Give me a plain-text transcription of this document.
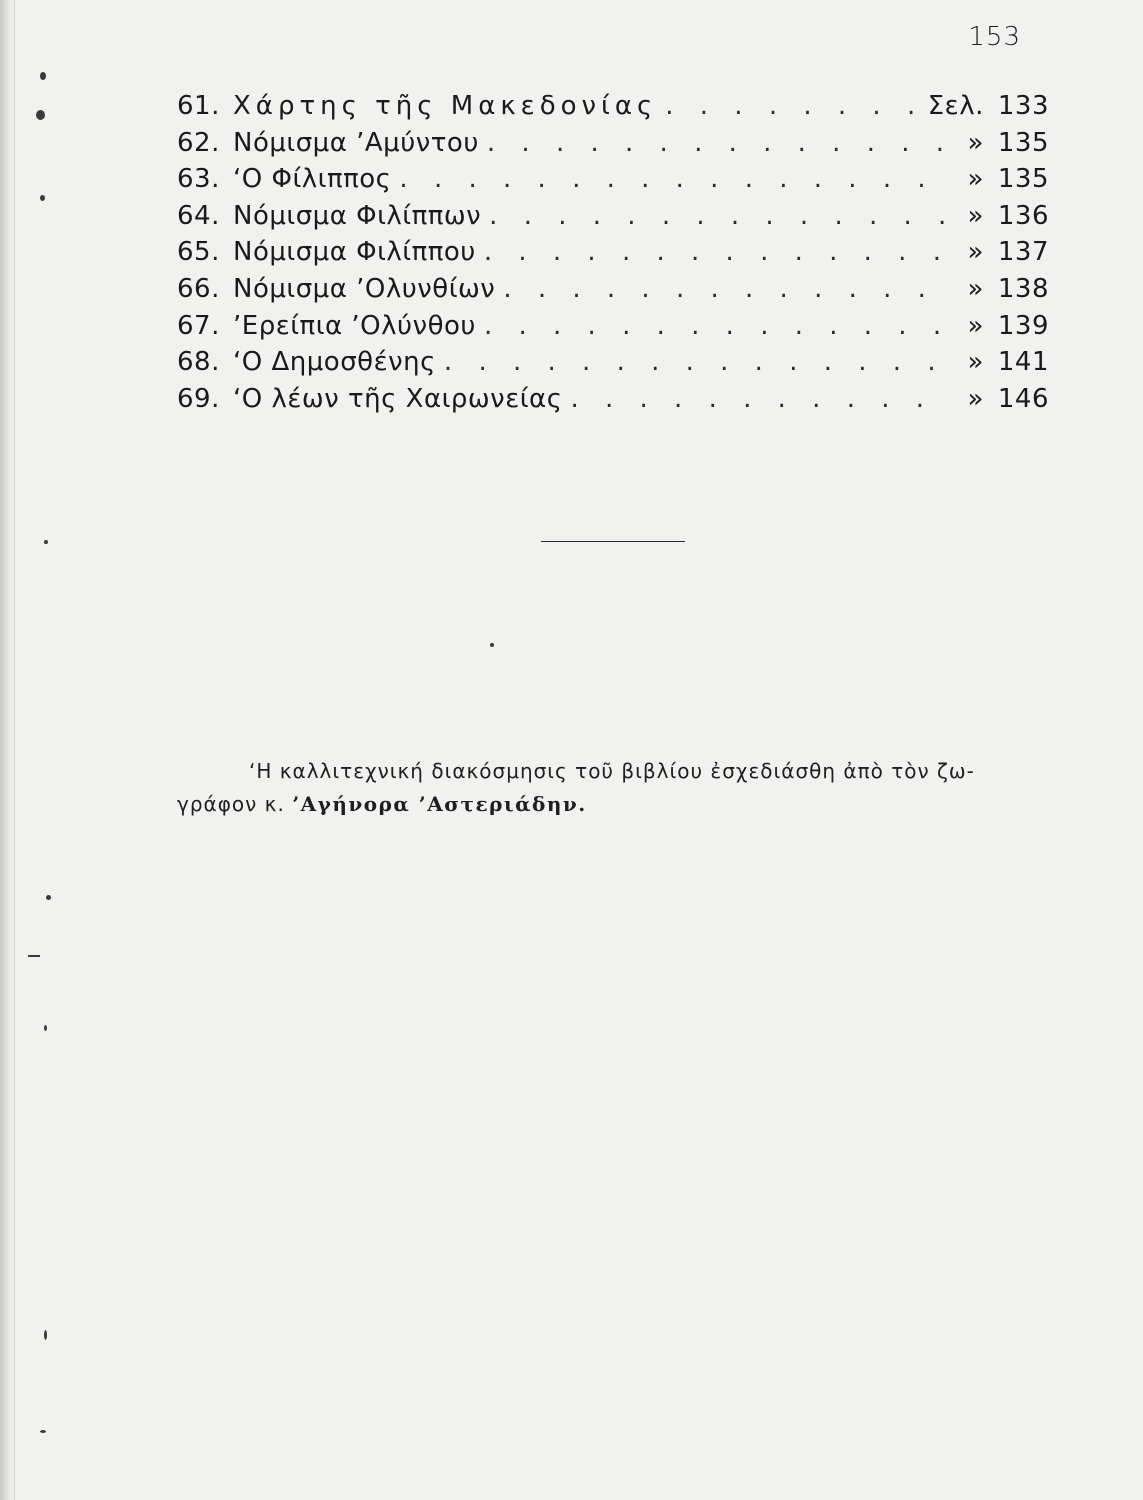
153
61. Χάρτης τῆς Μακεδονίας . . .	Σελ. 133
62. Νόμισμα ’Αμύντου . . .	» 135
63. ‘Ο Φίλιππος . . .	» 135
64. Νόμισμα Φιλίππων . . .	» 136
65. Νόμισμα Φιλίππου . . .	» 137
66. Νόμισμα ’Ολυνθίων . . .	» 138
67. ’Ερείπια ’Ολύνθου . . .	» 139
68. ‘Ο Δημοσθένης . . .	» 141
69. ‘Ο λέων τῆς Χαιρωνείας . . .	» 146

‘Η καλλιτεχνική διακόσμησις τοῦ βιβλίου ἐσχεδιάσθη ἀπὸ τὸν ζω-
γράφον κ. ’Αγήνορα ’Αστεριάδην.
